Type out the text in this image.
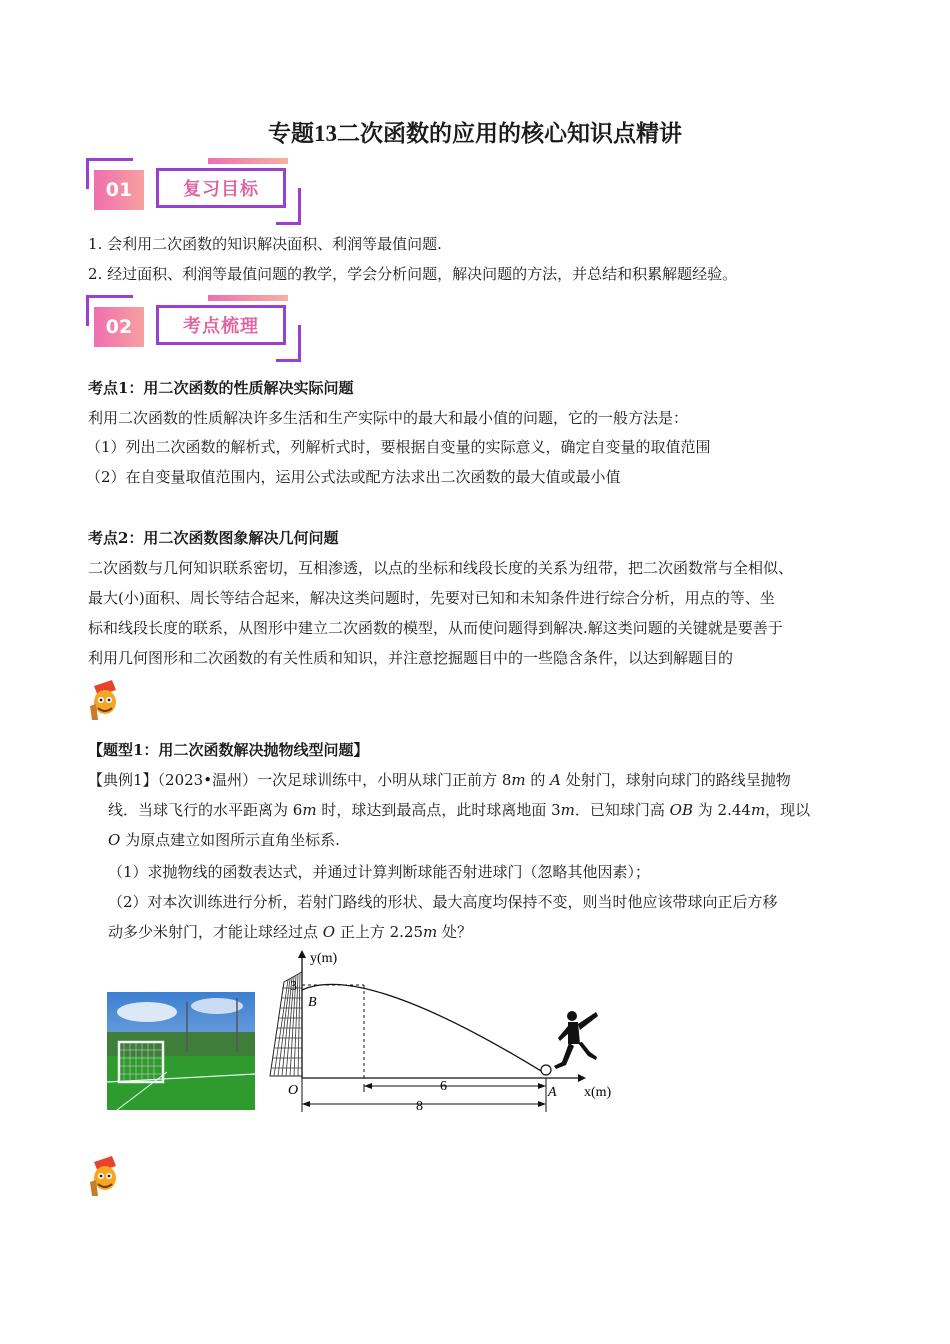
专题13二次函数的应用的核心知识点精讲
01	复习目标
1. 会利用二次函数的知识解决面积、利润等最值问题.
2. 经过面积、利润等最值问题的教学，学会分析问题，解决问题的方法，并总结和积累解题经验。
02	考点梳理
考点1：用二次函数的性质解决实际问题
利用二次函数的性质解决许多生活和生产实际中的最大和最小值的问题，它的一般方法是：
（1）列出二次函数的解析式，列解析式时，要根据自变量的实际意义，确定自变量的取值范围
（2）在自变量取值范围内，运用公式法或配方法求出二次函数的最大值或最小值
考点2：用二次函数图象解决几何问题
二次函数与几何知识联系密切，互相渗透，以点的坐标和线段长度的关系为纽带，把二次函数常与全相似、
最大(小)面积、周长等结合起来，解决这类问题时，先要对已知和未知条件进行综合分析，用点的等、坐
标和线段长度的联系，从图形中建立二次函数的模型，从而使问题得到解决.解这类问题的关键就是要善于
利用几何图形和二次函数的有关性质和知识，并注意挖掘题目中的一些隐含条件，以达到解题目的
【题型1：用二次函数解决抛物线型问题】
【典例1】（2023•温州）一次足球训练中，小明从球门正前方 8m 的 A 处射门，球射向球门的路线呈抛物
线．当球飞行的水平距离为 6m 时，球达到最高点，此时球离地面 3m．已知球门高 OB 为 2.44m，现以
O 为原点建立如图所示直角坐标系.
（1）求抛物线的函数表达式，并通过计算判断球能否射进球门（忽略其他因素）；
（2）对本次训练进行分析，若射门路线的形状、最大高度均保持不变，则当时他应该带球向正后方移
动多少米射门，才能让球经过点 O 正上方 2.25m 处？
y(m)
3
B
O	A x(m)
6
8
